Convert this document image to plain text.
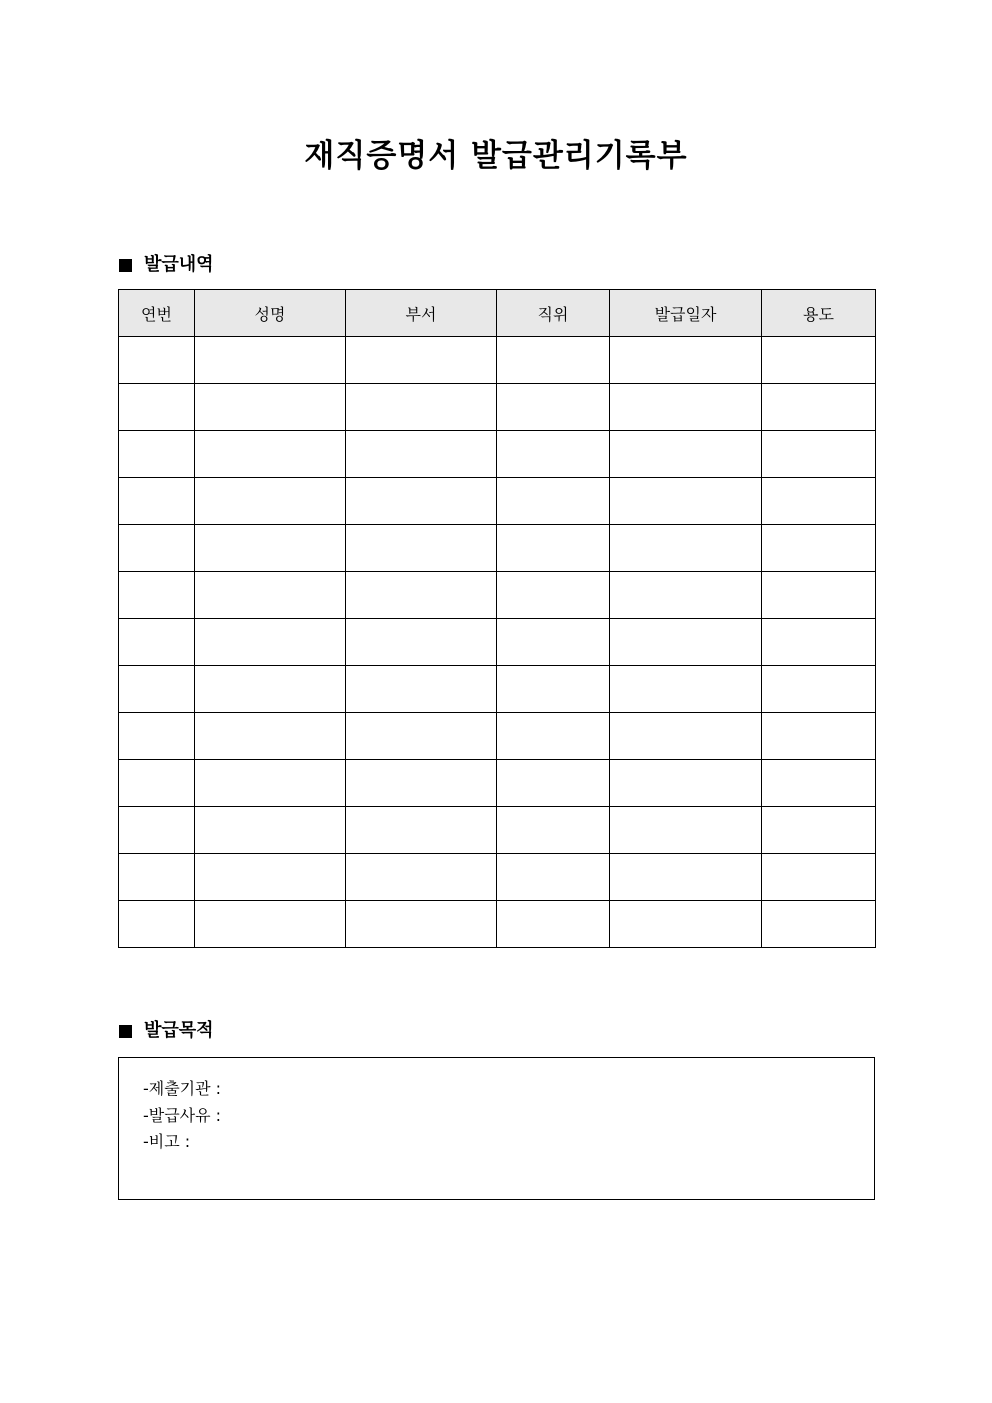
재직증명서 발급관리기록부
발급내역
연번	성명	부서	직위	발급일자	용도

발급목적
-제출기관 :
-발급사유 :
-비고 :
